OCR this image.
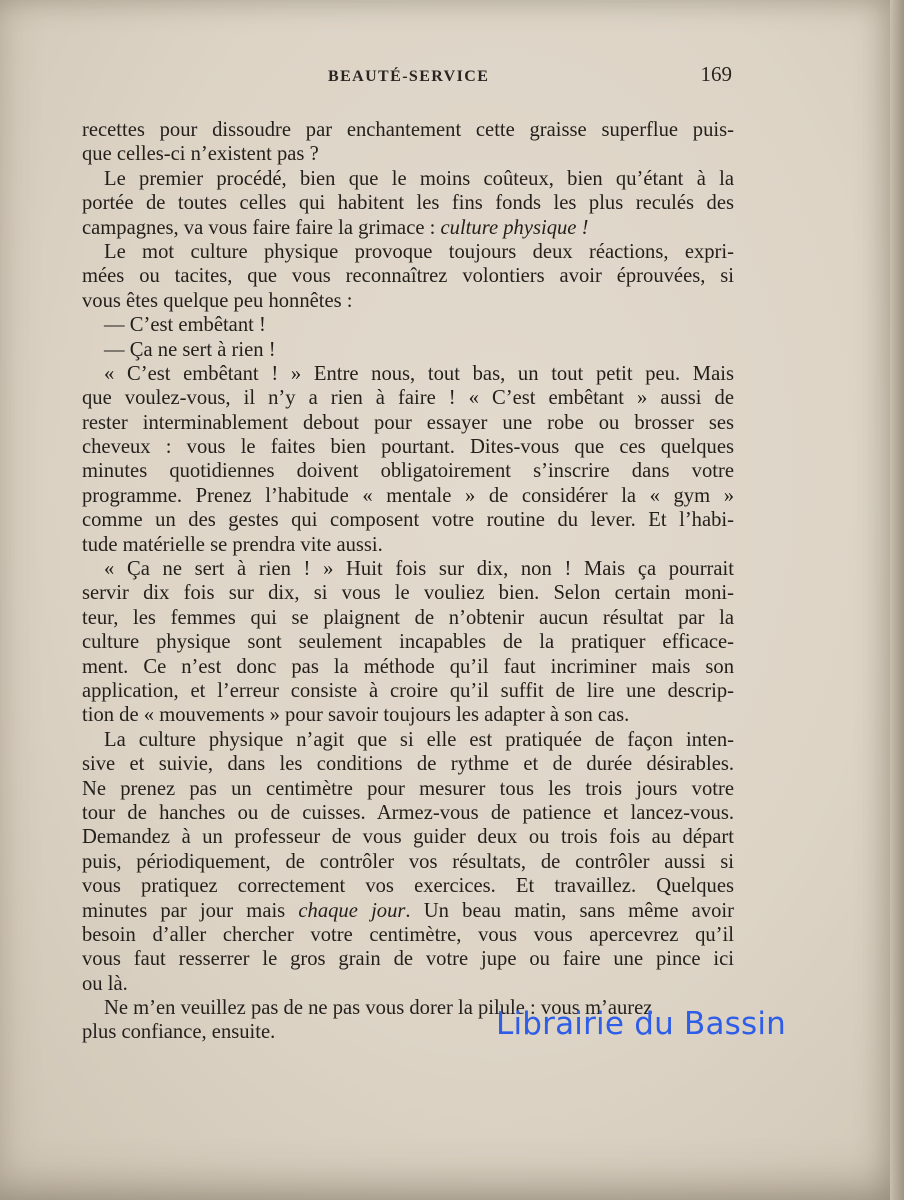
BEAUTÉ-SERVICE	169
recettes pour dissoudre par enchantement cette graisse superflue puis-
que celles-ci n’existent pas ?
Le premier procédé, bien que le moins coûteux, bien qu’étant à la
portée de toutes celles qui habitent les fins fonds les plus reculés des
campagnes, va vous faire faire la grimace : culture physique !
Le mot culture physique provoque toujours deux réactions, expri-
mées ou tacites, que vous reconnaîtrez volontiers avoir éprouvées, si
vous êtes quelque peu honnêtes :
— C’est embêtant !
— Ça ne sert à rien !
« C’est embêtant ! » Entre nous, tout bas, un tout petit peu. Mais
que voulez-vous, il n’y a rien à faire ! « C’est embêtant » aussi de
rester interminablement debout pour essayer une robe ou brosser ses
cheveux : vous le faites bien pourtant. Dites-vous que ces quelques
minutes quotidiennes doivent obligatoirement s’inscrire dans votre
programme. Prenez l’habitude « mentale » de considérer la « gym »
comme un des gestes qui composent votre routine du lever. Et l’habi-
tude matérielle se prendra vite aussi.
« Ça ne sert à rien ! » Huit fois sur dix, non ! Mais ça pourrait
servir dix fois sur dix, si vous le vouliez bien. Selon certain moni-
teur, les femmes qui se plaignent de n’obtenir aucun résultat par la
culture physique sont seulement incapables de la pratiquer efficace-
ment. Ce n’est donc pas la méthode qu’il faut incriminer mais son
application, et l’erreur consiste à croire qu’il suffit de lire une descrip-
tion de « mouvements » pour savoir toujours les adapter à son cas.
La culture physique n’agit que si elle est pratiquée de façon inten-
sive et suivie, dans les conditions de rythme et de durée désirables.
Ne prenez pas un centimètre pour mesurer tous les trois jours votre
tour de hanches ou de cuisses. Armez-vous de patience et lancez-vous.
Demandez à un professeur de vous guider deux ou trois fois au départ
puis, périodiquement, de contrôler vos résultats, de contrôler aussi si
vous pratiquez correctement vos exercices. Et travaillez. Quelques
minutes par jour mais chaque jour. Un beau matin, sans même avoir
besoin d’aller chercher votre centimètre, vous vous apercevrez qu’il
vous faut resserrer le gros grain de votre jupe ou faire une pince ici
ou là.
Ne m’en veuillez pas de ne pas vous dorer la pilule : vous m’aurez
plus confiance, ensuite.	Librairie du Bassin
